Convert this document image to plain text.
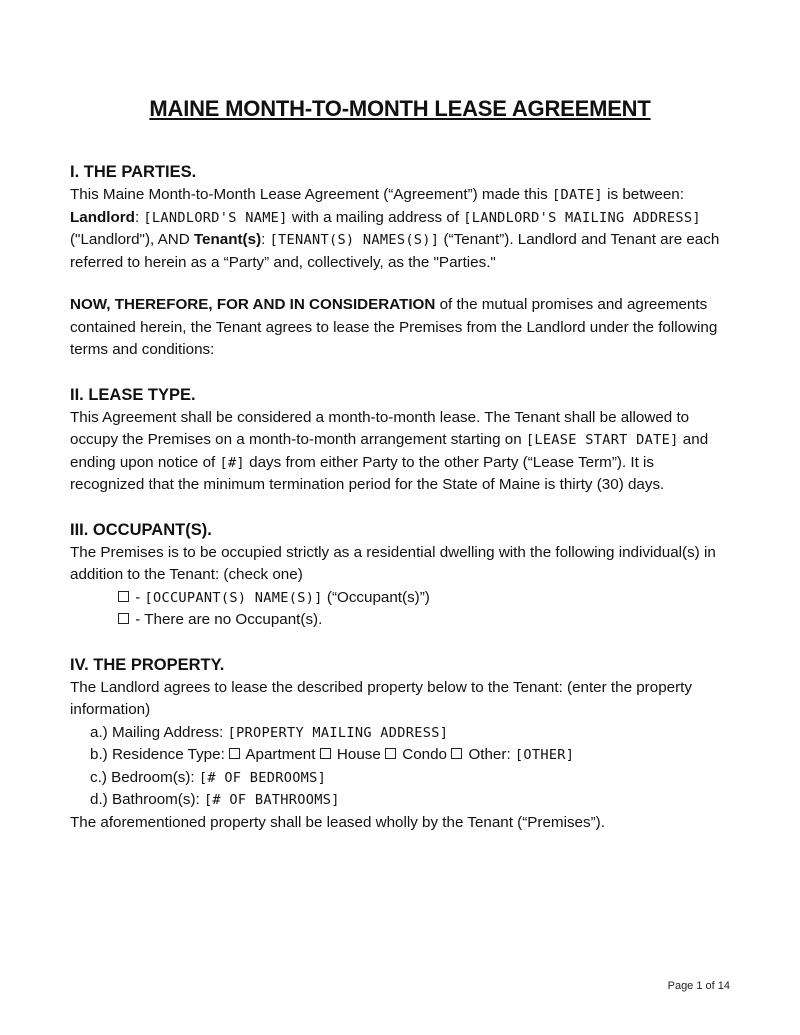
MAINE MONTH-TO-MONTH LEASE AGREEMENT

I. THE PARTIES.

This Maine Month-to-Month Lease Agreement (“Agreement”) made this [DATE] is between:

Landlord: [LANDLORD'S NAME] with a mailing address of [LANDLORD'S MAILING ADDRESS] ("Landlord"), AND Tenant(s): [TENANT(S) NAMES(S)] (“Tenant”). Landlord and Tenant are each referred to herein as a “Party” and, collectively, as the "Parties."

NOW, THEREFORE, FOR AND IN CONSIDERATION of the mutual promises and agreements contained herein, the Tenant agrees to lease the Premises from the Landlord under the following terms and conditions:

II. LEASE TYPE.

This Agreement shall be considered a month-to-month lease. The Tenant shall be allowed to occupy the Premises on a month-to-month arrangement starting on [LEASE START DATE] and ending upon notice of [#] days from either Party to the other Party (“Lease Term”). It is recognized that the minimum termination period for the State of Maine is thirty (30) days.

III. OCCUPANT(S).

The Premises is to be occupied strictly as a residential dwelling with the following individual(s) in addition to the Tenant: (check one)

- [OCCUPANT(S) NAME(S)] (“Occupant(s)”)

- There are no Occupant(s).

IV. THE PROPERTY.

The Landlord agrees to lease the described property below to the Tenant: (enter the property information)

a.) Mailing Address: [PROPERTY MAILING ADDRESS]

b.) Residence Type:  Apartment  House  Condo  Other: [OTHER]

c.) Bedroom(s): [# OF BEDROOMS]

d.) Bathroom(s): [# OF BATHROOMS]

The aforementioned property shall be leased wholly by the Tenant (“Premises”).

Page 1 of 14
